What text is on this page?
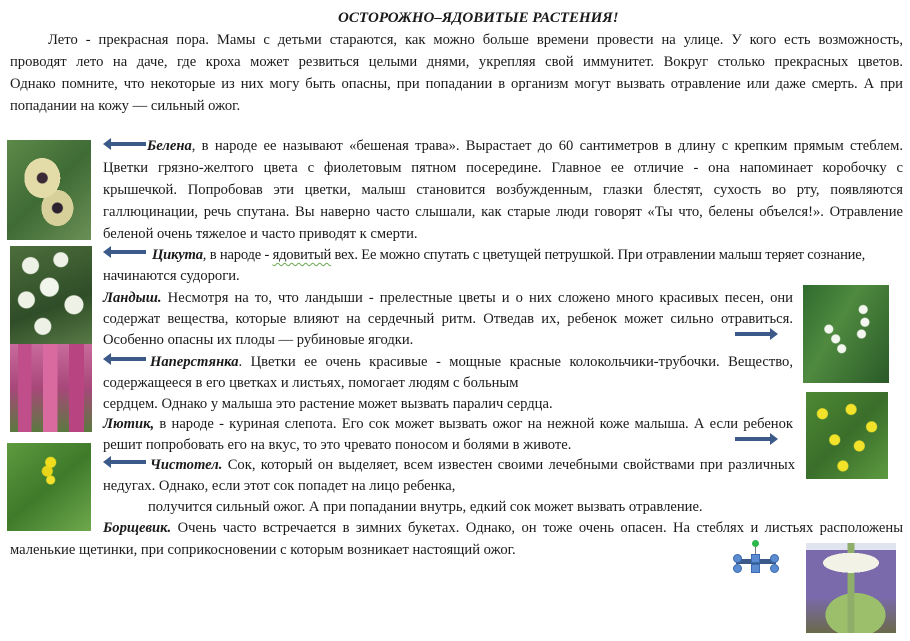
ОСТОРОЖНО–ЯДОВИТЫЕ РАСТЕНИЯ!
Лето - прекрасная пора. Мамы с детьми стараются, как можно больше времени провести на улице. У кого есть возможность,
проводят лето на даче, где кроха может резвиться целыми днями, укрепляя свой иммунитет. Вокруг столько прекрасных цветов.
Однако помните, что некоторые из них могу быть опасны, при попадании в организм могут вызвать отравление или даже смерть. А при
попадании на кожу — сильный ожог.
Белена, в народе ее называют «бешеная трава». Вырастает до 60 сантиметров в длину с крепким прямым стеблем.
Цветки грязно-желтого цвета с фиолетовым пятном посередине. Главное ее отличие - она напоминает коробочку с
крышечкой. Попробовав эти цветки, малыш становится возбужденным, глазки блестят, сухость во рту, появляются
галлюцинации, речь спутана. Вы наверно часто слышали, как старые люди говорят «Ты что, белены объелся!». Отравление
беленой очень тяжелое и часто приводят к смерти.
Цикута, в народе - ядовитый вех. Ее можно спутать с цветущей петрушкой. При отравлении малыш теряет сознание,
начинаются судороги.
Ландыш. Несмотря на то, что ландыши - прелестные цветы и о них сложено много красивых песен, они
содержат вещества, которые влияют на сердечный ритм. Отведав их, ребенок может сильно отравиться.
Особенно опасны их плоды — рубиновые ягодки.
Наперстянка. Цветки ее очень красивые - мощные красные колокольчики-трубочки. Вещество,
содержащееся в его цветках и листьях, помогает людям с больным
сердцем. Однако у малыша это растение может вызвать паралич сердца.
Лютик, в народе - куриная слепота. Его сок может вызвать ожог на нежной коже малыша. А если ребенок
решит попробовать его на вкус, то это чревато поносом и болями в животе.
Чистотел. Сок, который он выделяет, всем известен своими лечебными свойствами при различных
недугах. Однако, если этот сок попадет на лицо ребенка,
получится сильный ожог. А при попадании внутрь, едкий сок может вызвать отравление.
Борщевик. Очень часто встречается в зимних букетах. Однако, он тоже очень опасен. На стеблях и листьях расположены
маленькие щетинки, при соприкосновении с которым возникает настоящий ожог.
